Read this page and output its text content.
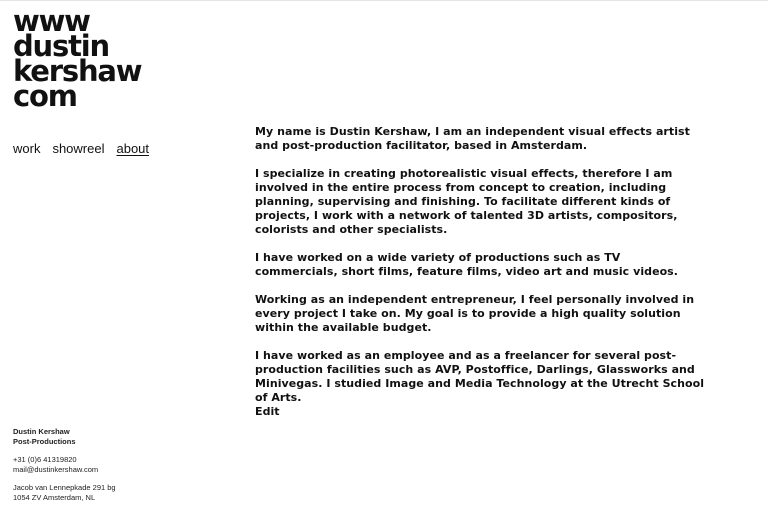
www
dustin
kershaw
com
work showreel about

My name is Dustin Kershaw, I am an independent visual effects artist and post-production facilitator, based in Amsterdam.

I specialize in creating photorealistic visual effects, therefore I am involved in the entire process from concept to creation, including planning, supervising and finishing. To facilitate different kinds of projects, I work with a network of talented 3D artists, compositors, colorists and other specialists.

I have worked on a wide variety of productions such as TV commercials, short films, feature films, video art and music videos.

Working as an independent entrepreneur, I feel personally involved in every project I take on. My goal is to provide a high quality solution within the available budget.

I have worked as an employee and as a freelancer for several post-production facilities such as AVP, Postoffice, Darlings, Glassworks and Minivegas. I studied Image and Media Technology at the Utrecht School of Arts.

Edit
Dustin Kershaw
Post-Productions
+31 (0)6 41319820
mail@dustinkershaw.com
Jacob van Lennepkade 291 bg
1054 ZV Amsterdam, NL
